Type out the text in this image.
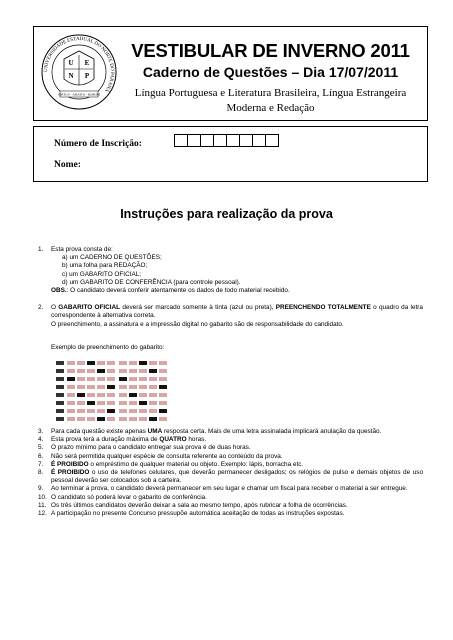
UNIVERSIDADE ESTADUAL DO NORTE DO PARANÁ
U E
N P
VIRTUS · GRATIA · DOMINI
VESTIBULAR DE INVERNO 2011
Caderno de Questões – Dia 17/07/2011
Língua Portuguesa e Literatura Brasileira, Língua Estrangeira
Moderna e Redação
Número de Inscrição:
Nome:
Instruções para realização da prova
1. Esta prova consta de:
a) um CADERNO DE QUESTÕES;
b) uma folha para REDAÇÃO;
c) um GABARITO OFICIAL;
d) um GABARITO DE CONFERÊNCIA (para controle pessoal).
OBS.: O candidato deverá conferir atentamente os dados de todo material recebido.
2. O GABARITO OFICIAL deverá ser marcado somente à tinta (azul ou preta), PREENCHENDO TOTALMENTE o quadro da letra correspondente à alternativa correta.
O preenchimento, a assinatura e a impressão digital no gabarito são de responsabilidade do candidato.
Exemplo de preenchimento do gabarito:
3. Para cada questão existe apenas UMA resposta certa. Mais de uma letra assinalada implicará anulação da questão.
4. Esta prova terá a duração máxima de QUATRO horas.
5. O prazo mínimo para o candidato entregar sua prova é de duas horas.
6. Não será permitida qualquer espécie de consulta referente ao conteúdo da prova.
7. É PROIBIDO o empréstimo de qualquer material ou objeto. Exemplo: lápis, borracha etc.
8. É PROIBIDO o uso de telefones celulares, que deverão permanecer desligados; os relógios de pulso e demais objetos de uso pessoal deverão ser colocados sob a carteira.
9. Ao terminar a prova, o candidato deverá permanecer em seu lugar e chamar um fiscal para receber o material a ser entregue.
10. O candidato só poderá levar o gabarito de conferência.
11. Os três últimos candidatos deverão deixar a sala ao mesmo tempo, após rubricar a folha de ocorrências.
12. A participação no presente Concurso pressupõe automática aceitação de todas as instruções expostas.
